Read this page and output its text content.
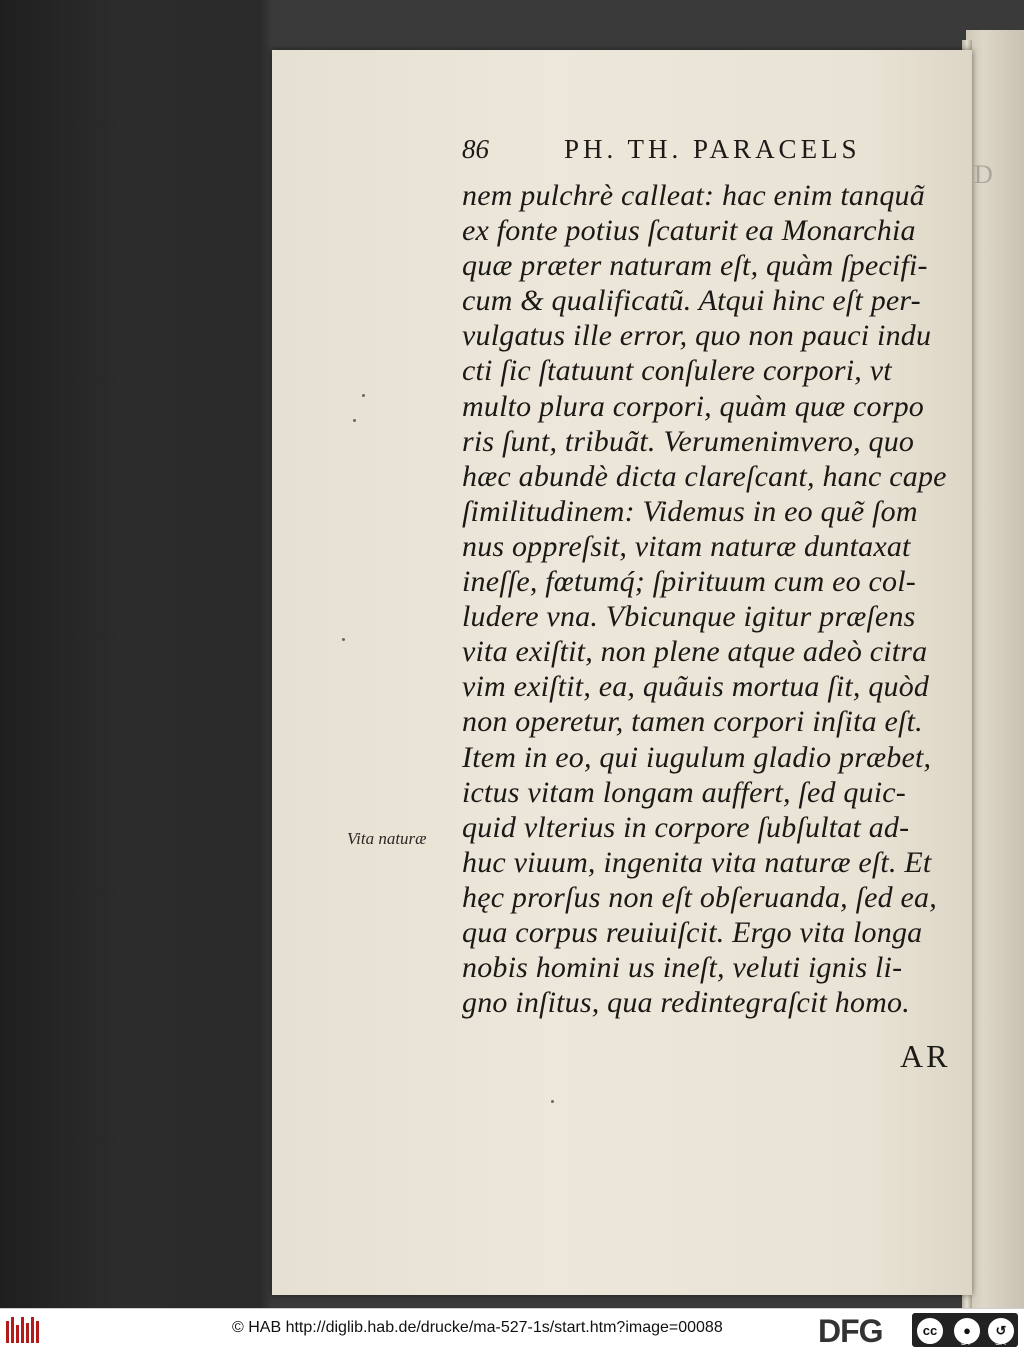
D
86	PH. TH. PARACELS
nem pulchrè calleat: hac enim tanquã
ex fonte potius ſcaturit ea Monarchia
quæ præter naturam eſt, quàm ſpecifi-
cum & qualificatũ. Atqui hinc eſt per-
vulgatus ille error, quo non pauci indu
cti ſic ſtatuunt conſulere corpori, vt
multo plura corpori, quàm quæ corpo
ris ſunt, tribuãt. Verumenimvero, quo
hæc abundè dicta clareſcant, hanc cape
ſimilitudinem: Videmus in eo quẽ ſom
nus oppreſsit, vitam naturæ duntaxat
ineſſe, fœtumq́; ſpirituum cum eo col-
ludere vna. Vbicunque igitur præſens
vita exiſtit, non plene atque adeò citra
vim exiſtit, ea, quãuis mortua ſit, quòd
non operetur, tamen corpori inſita eſt.
Item in eo, qui iugulum gladio præbet,
ictus vitam longam auffert, ſed quic-
quid vlterius in corpore ſubſultat ad-
huc viuum, ingenita vita naturæ eſt. Et
hęc prorſus non eſt obſeruanda, ſed ea,
qua corpus reuiuiſcit. Ergo vita longa
nobis homini us ineſt, veluti ignis li-
gno inſitus, qua redintegraſcit homo.
Vita naturæ
AR
© HAB http://diglib.hab.de/drucke/ma-527-1s/start.htm?image=00088	DFG	cc	●	↺
BY	SA
